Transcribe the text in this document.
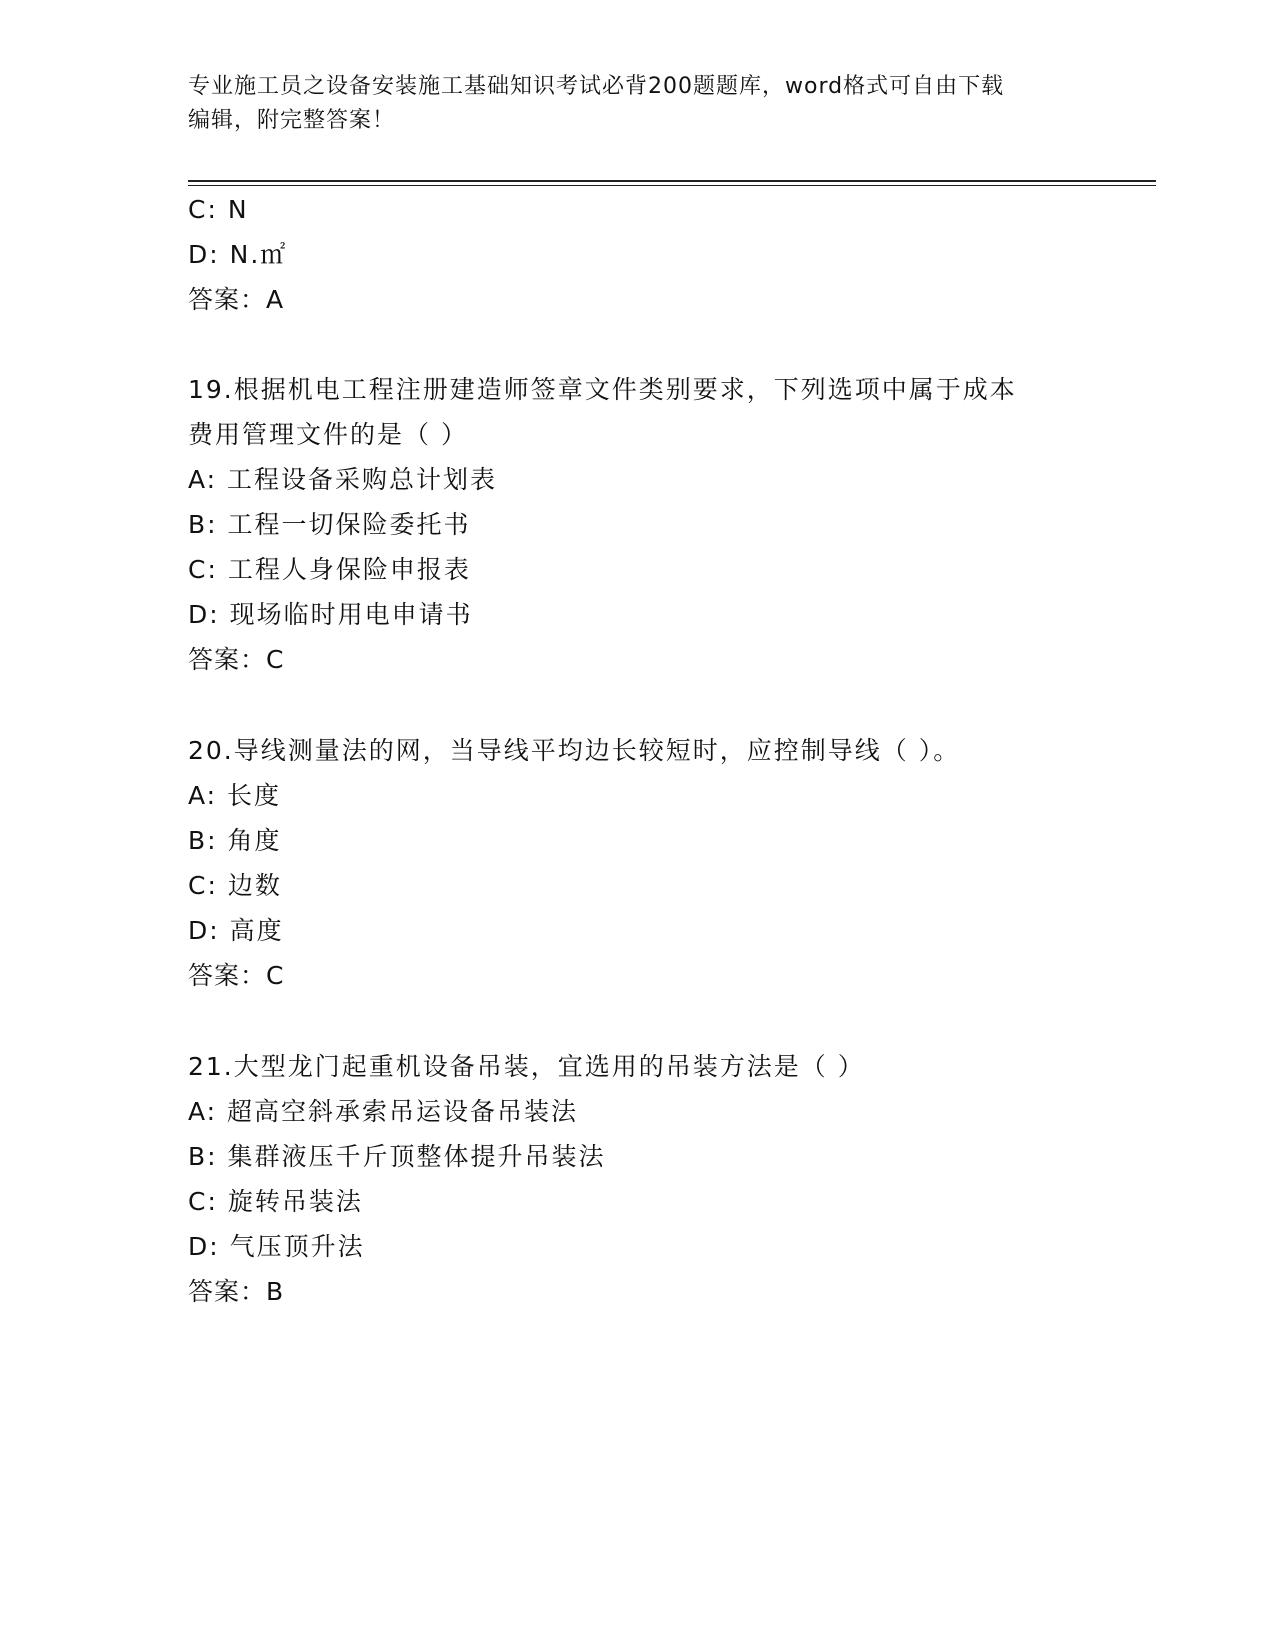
专业施工员之设备安装施工基础知识考试必背200题题库，word格式可自由下载
编辑，附完整答案！
C: N
D: N.㎡
答案：A
19.根据机电工程注册建造师签章文件类别要求，下列选项中属于成本
费用管理文件的是（ ）
A: 工程设备采购总计划表
B: 工程一切保险委托书
C: 工程人身保险申报表
D: 现场临时用电申请书
答案：C
20.导线测量法的网，当导线平均边长较短时，应控制导线（ ）。
A: 长度
B: 角度
C: 边数
D: 高度
答案：C
21.大型龙门起重机设备吊装，宜选用的吊装方法是（ ）
A: 超高空斜承索吊运设备吊装法
B: 集群液压千斤顶整体提升吊装法
C: 旋转吊装法
D: 气压顶升法
答案：B
